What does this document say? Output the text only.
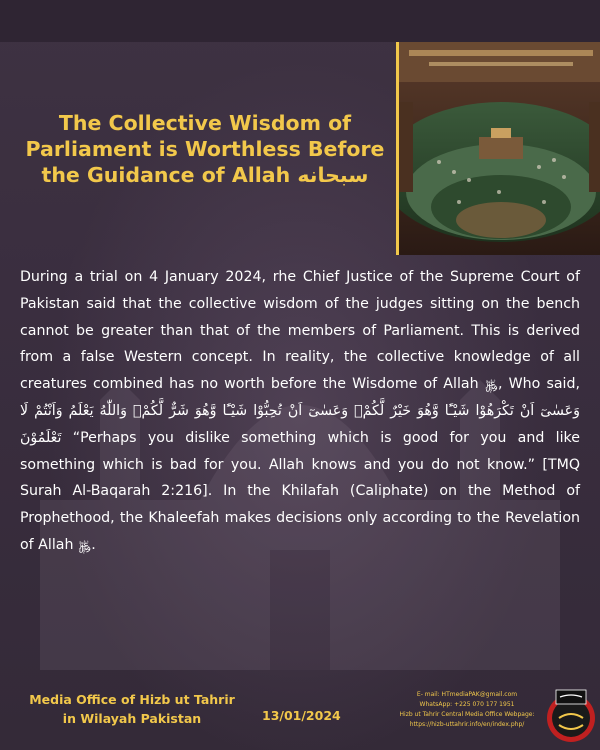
The Collective Wisdom of
Parliament is Worthless Before
the Guidance of Allah سبحانه
During a trial on 4 January 2024, rhe Chief Justice of the Supreme Court of Pakistan said that the collective wisdom of the judges sitting on the bench cannot be greater than that of the members of Parliament. This is derived from a false Western concept. In reality, the collective knowledge of all creatures combined has no worth before the Wisdome of Allah ﷿, Who said, وَعَسٰىٓ اَنْ تَكْرَهُوْا شَيْـًٔا وَّهُوَ خَيْرٌ لَّكُمْۚ وَعَسٰىٓ اَنْ تُحِبُّوْا شَيْـًٔا وَّهُوَ شَرٌّ لَّكُمْۗ وَاللّٰهُ يَعْلَمُ وَاَنْتُمْ لَا تَعْلَمُوْنَ “Perhaps you dislike something which is good for you and like something which is bad for you. Allah knows and you do not know.” [TMQ Surah Al-Baqarah 2:216]. In the Khilafah (Caliphate) on the Method of Prophethood, the Khaleefah makes decisions only according to the Revelation of Allah ﷿.
Media Office of Hizb ut Tahrir
in Wilayah Pakistan	13/01/2024
E- mail: HTmediaPAK@gmail.com
WhatsApp: +225 070 177 1951
Hizb ut Tahrir Central Media Office Webpage:
https://hizb-uttahrir.info/en/index.php/
